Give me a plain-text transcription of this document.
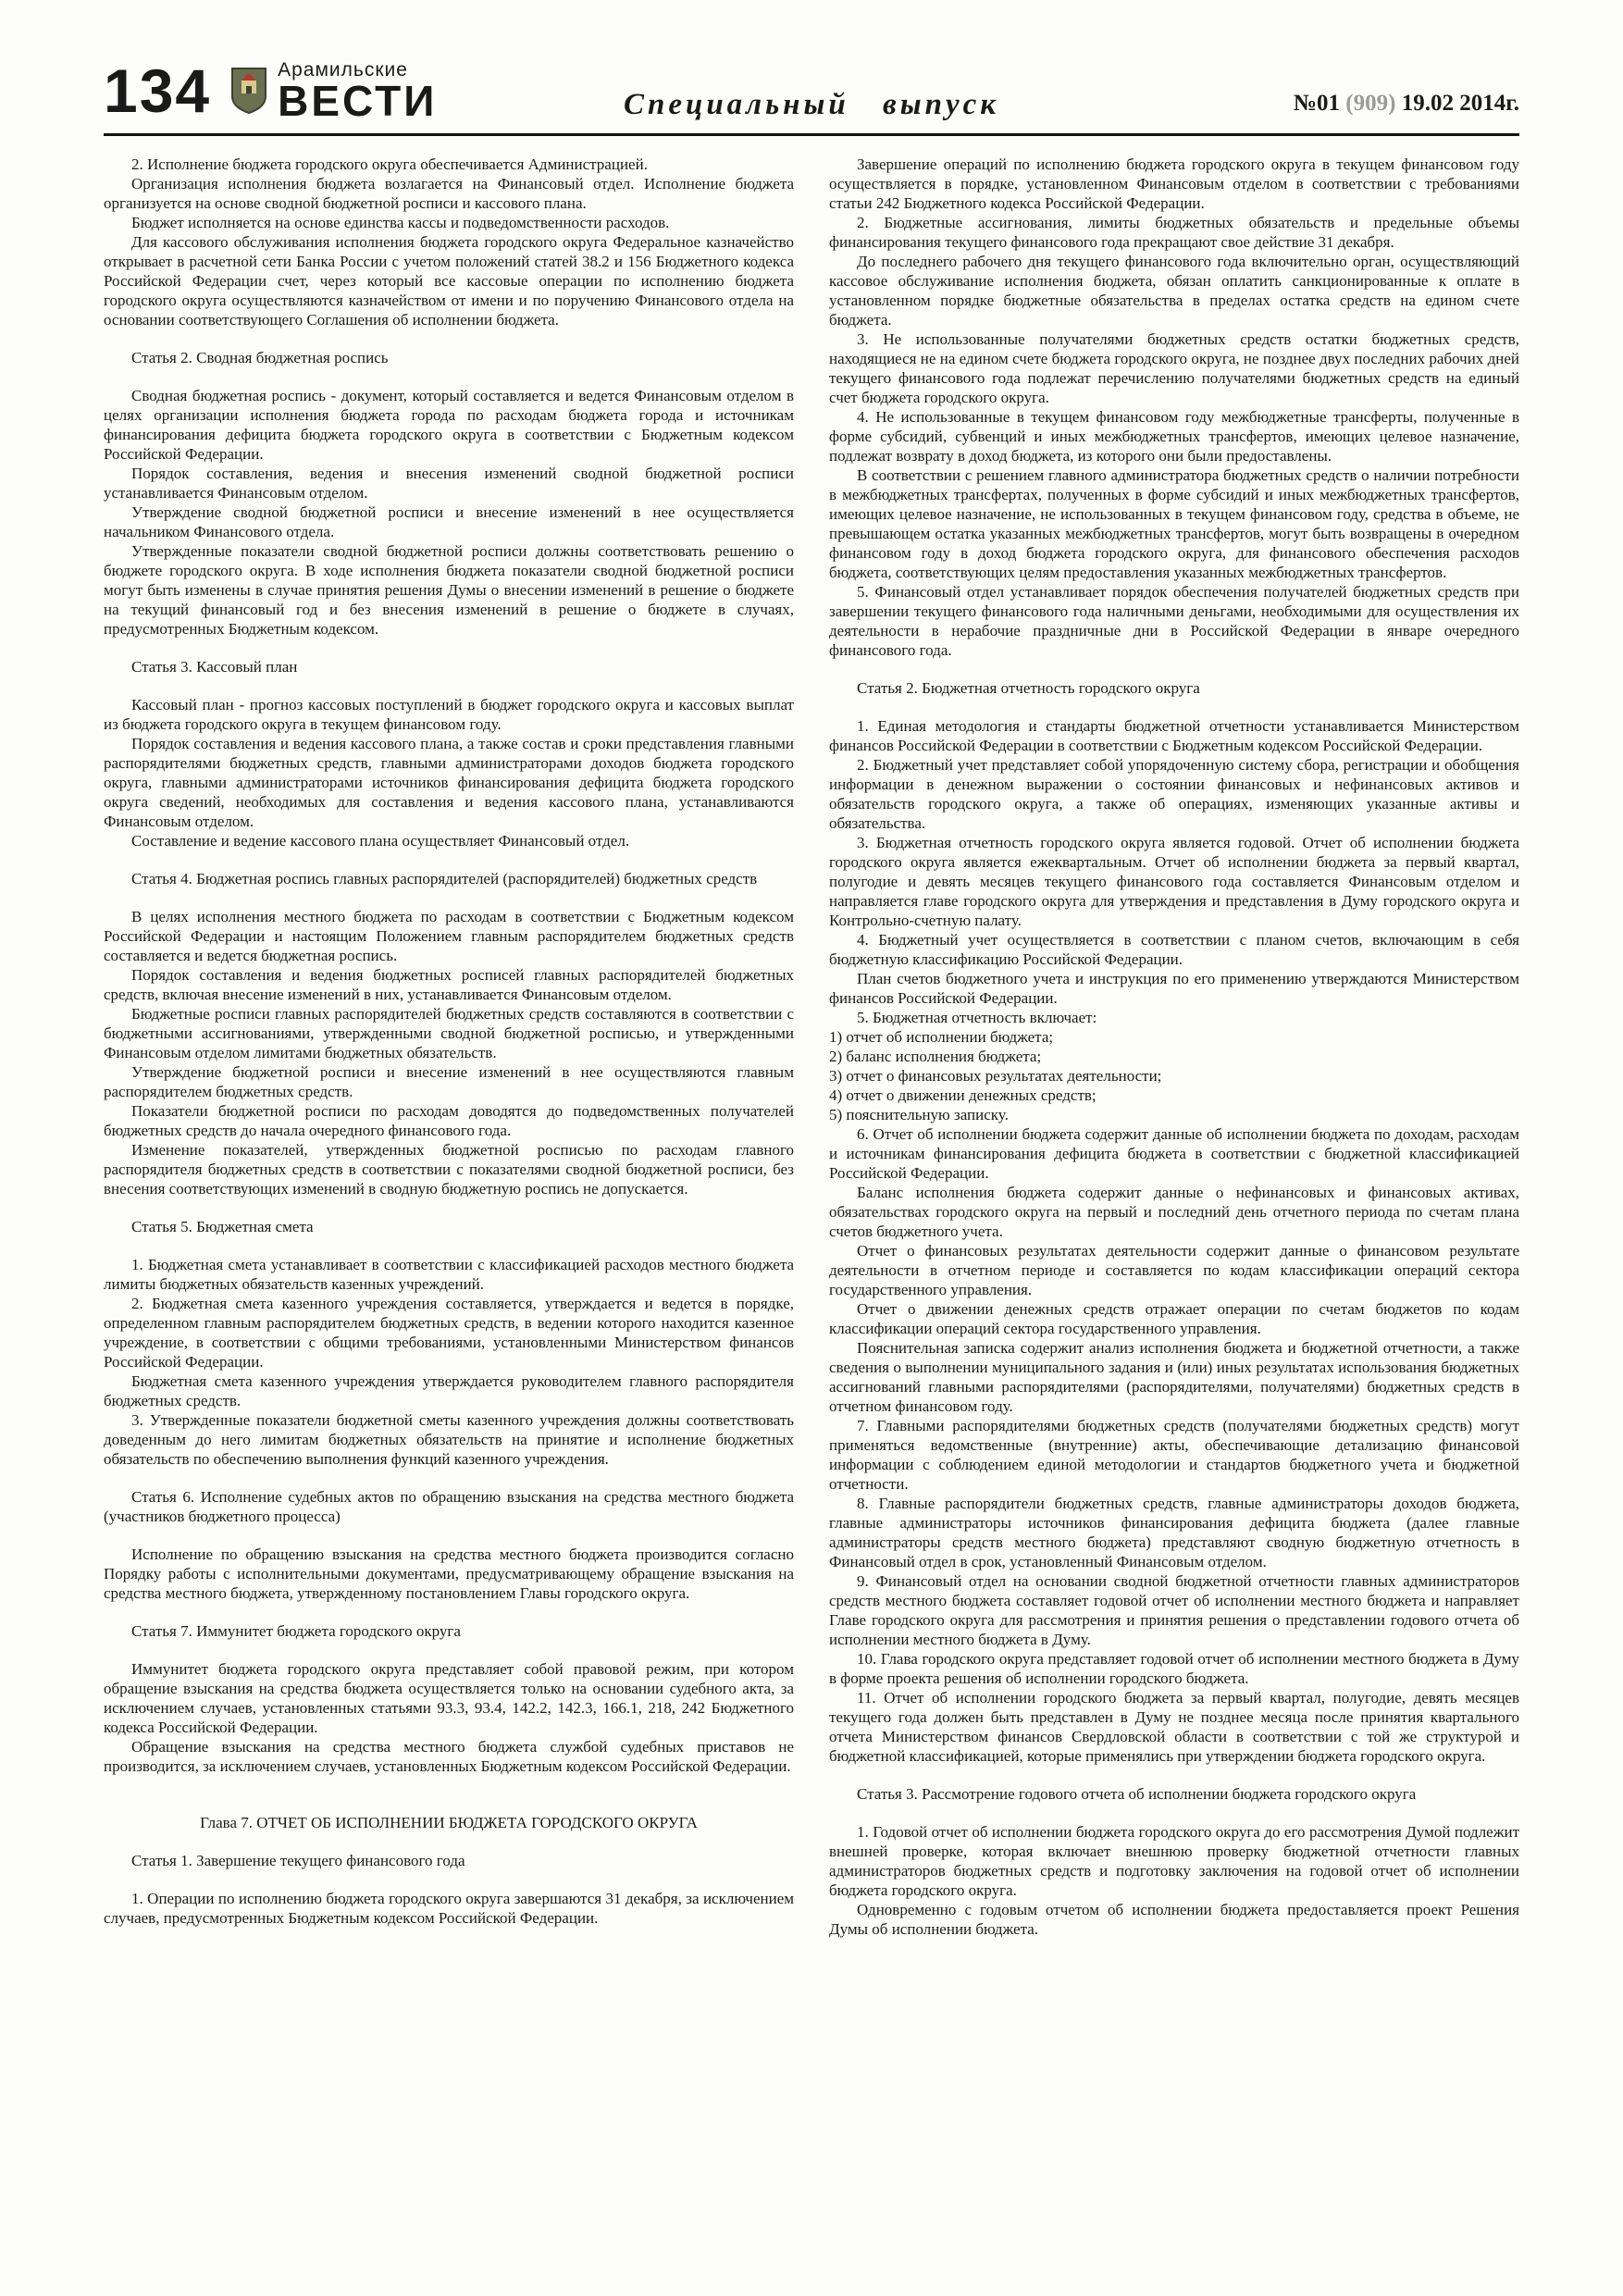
134	Арамильские
ВЕСТИ	Специальный выпуск	№01 (909) 19.02 2014г.

2. Исполнение бюджета городского округа обеспечивается Администрацией.

Организация исполнения бюджета возлагается на Финансовый отдел. Исполнение бюджета организуется на основе сводной бюджетной росписи и кассового плана.

Бюджет исполняется на основе единства кассы и подведомственности расходов.

Для кассового обслуживания исполнения бюджета городского округа Федеральное казначейство открывает в расчетной сети Банка России с учетом положений статей 38.2 и 156 Бюджетного кодекса Российской Федерации счет, через который все кассовые операции по исполнению бюджета городского округа осуществляются казначейством от имени и по поручению Финансового отдела на основании соответствующего Соглашения об исполнении бюджета.

Статья 2. Сводная бюджетная роспись

Сводная бюджетная роспись - документ, который составляется и ведется Финансовым отделом в целях организации исполнения бюджета города по расходам бюджета города и источникам финансирования дефицита бюджета городского округа в соответствии с Бюджетным кодексом Российской Федерации.

Порядок составления, ведения и внесения изменений сводной бюджетной росписи устанавливается Финансовым отделом.

Утверждение сводной бюджетной росписи и внесение изменений в нее осуществляется начальником Финансового отдела.

Утвержденные показатели сводной бюджетной росписи должны соответствовать решению о бюджете городского округа. В ходе исполнения бюджета показатели сводной бюджетной росписи могут быть изменены в случае принятия решения Думы о внесении изменений в решение о бюджете на текущий финансовый год и без внесения изменений в решение о бюджете в случаях, предусмотренных Бюджетным кодексом.

Статья 3. Кассовый план

Кассовый план - прогноз кассовых поступлений в бюджет городского округа и кассовых выплат из бюджета городского округа в текущем финансовом году.

Порядок составления и ведения кассового плана, а также состав и сроки представления главными распорядителями бюджетных средств, главными администраторами доходов бюджета городского округа, главными администраторами источников финансирования дефицита бюджета городского округа сведений, необходимых для составления и ведения кассового плана, устанавливаются Финансовым отделом.

Составление и ведение кассового плана осуществляет Финансовый отдел.

Статья 4. Бюджетная роспись главных распорядителей (распорядителей) бюджетных средств

В целях исполнения местного бюджета по расходам в соответствии с Бюджетным кодексом Российской Федерации и настоящим Положением главным распорядителем бюджетных средств составляется и ведется бюджетная роспись.

Порядок составления и ведения бюджетных росписей главных распорядителей бюджетных средств, включая внесение изменений в них, устанавливается Финансовым отделом.

Бюджетные росписи главных распорядителей бюджетных средств составляются в соответствии с бюджетными ассигнованиями, утвержденными сводной бюджетной росписью, и утвержденными Финансовым отделом лимитами бюджетных обязательств.

Утверждение бюджетной росписи и внесение изменений в нее осуществляются главным распорядителем бюджетных средств.

Показатели бюджетной росписи по расходам доводятся до подведомственных получателей бюджетных средств до начала очередного финансового года.

Изменение показателей, утвержденных бюджетной росписью по расходам главного распорядителя бюджетных средств в соответствии с показателями сводной бюджетной росписи, без внесения соответствующих изменений в сводную бюджетную роспись не допускается.

Статья 5. Бюджетная смета

1. Бюджетная смета устанавливает в соответствии с классификацией расходов местного бюджета лимиты бюджетных обязательств казенных учреждений.

2. Бюджетная смета казенного учреждения составляется, утверждается и ведется в порядке, определенном главным распорядителем бюджетных средств, в ведении которого находится казенное учреждение, в соответствии с общими требованиями, установленными Министерством финансов Российской Федерации.

Бюджетная смета казенного учреждения утверждается руководителем главного распорядителя бюджетных средств.

3. Утвержденные показатели бюджетной сметы казенного учреждения должны соответствовать доведенным до него лимитам бюджетных обязательств на принятие и исполнение бюджетных обязательств по обеспечению выполнения функций казенного учреждения.

Статья 6. Исполнение судебных актов по обращению взыскания на средства местного бюджета (участников бюджетного процесса)

Исполнение по обращению взыскания на средства местного бюджета производится согласно Порядку работы с исполнительными документами, предусматривающему обращение взыскания на средства местного бюджета, утвержденному постановлением Главы городского округа.

Статья 7. Иммунитет бюджета городского округа

Иммунитет бюджета городского округа представляет собой правовой режим, при котором обращение взыскания на средства бюджета осуществляется только на основании судебного акта, за исключением случаев, установленных статьями 93.3, 93.4, 142.2, 142.3, 166.1, 218, 242 Бюджетного кодекса Российской Федерации.

Обращение взыскания на средства местного бюджета службой судебных приставов не производится, за исключением случаев, установленных Бюджетным кодексом Российской Федерации.

Глава 7. ОТЧЕТ ОБ ИСПОЛНЕНИИ БЮДЖЕТА ГОРОДСКОГО ОКРУГА

Статья 1. Завершение текущего финансового года

1. Операции по исполнению бюджета городского округа завершаются 31 декабря, за исключением случаев, предусмотренных Бюджетным кодексом Российской Федерации.

Завершение операций по исполнению бюджета городского округа в текущем финансовом году осуществляется в порядке, установленном Финансовым отделом в соответствии с требованиями статьи 242 Бюджетного кодекса Российской Федерации.

2. Бюджетные ассигнования, лимиты бюджетных обязательств и предельные объемы финансирования текущего финансового года прекращают свое действие 31 декабря.

До последнего рабочего дня текущего финансового года включительно орган, осуществляющий кассовое обслуживание исполнения бюджета, обязан оплатить санкционированные к оплате в установленном порядке бюджетные обязательства в пределах остатка средств на едином счете бюджета.

3. Не использованные получателями бюджетных средств остатки бюджетных средств, находящиеся не на едином счете бюджета городского округа, не позднее двух последних рабочих дней текущего финансового года подлежат перечислению получателями бюджетных средств на единый счет бюджета городского округа.

4. Не использованные в текущем финансовом году межбюджетные трансферты, полученные в форме субсидий, субвенций и иных межбюджетных трансфертов, имеющих целевое назначение, подлежат возврату в доход бюджета, из которого они были предоставлены.

В соответствии с решением главного администратора бюджетных средств о наличии потребности в межбюджетных трансфертах, полученных в форме субсидий и иных межбюджетных трансфертов, имеющих целевое назначение, не использованных в текущем финансовом году, средства в объеме, не превышающем остатка указанных межбюджетных трансфертов, могут быть возвращены в очередном финансовом году в доход бюджета городского округа, для финансового обеспечения расходов бюджета, соответствующих целям предоставления указанных межбюджетных трансфертов.

5. Финансовый отдел устанавливает порядок обеспечения получателей бюджетных средств при завершении текущего финансового года наличными деньгами, необходимыми для осуществления их деятельности в нерабочие праздничные дни в Российской Федерации в январе очередного финансового года.

Статья 2. Бюджетная отчетность городского округа

1. Единая методология и стандарты бюджетной отчетности устанавливается Министерством финансов Российской Федерации в соответствии с Бюджетным кодексом Российской Федерации.

2. Бюджетный учет представляет собой упорядоченную систему сбора, регистрации и обобщения информации в денежном выражении о состоянии финансовых и нефинансовых активов и обязательств городского округа, а также об операциях, изменяющих указанные активы и обязательства.

3. Бюджетная отчетность городского округа является годовой. Отчет об исполнении бюджета городского округа является ежеквартальным. Отчет об исполнении бюджета за первый квартал, полугодие и девять месяцев текущего финансового года составляется Финансовым отделом и направляется главе городского округа для утверждения и представления в Думу городского округа и Контрольно-счетную палату.

4. Бюджетный учет осуществляется в соответствии с планом счетов, включающим в себя бюджетную классификацию Российской Федерации.

План счетов бюджетного учета и инструкция по его применению утверждаются Министерством финансов Российской Федерации.

5. Бюджетная отчетность включает:

1) отчет об исполнении бюджета;

2) баланс исполнения бюджета;

3) отчет о финансовых результатах деятельности;

4) отчет о движении денежных средств;

5) пояснительную записку.

6. Отчет об исполнении бюджета содержит данные об исполнении бюджета по доходам, расходам и источникам финансирования дефицита бюджета в соответствии с бюджетной классификацией Российской Федерации.

Баланс исполнения бюджета содержит данные о нефинансовых и финансовых активах, обязательствах городского округа на первый и последний день отчетного периода по счетам плана счетов бюджетного учета.

Отчет о финансовых результатах деятельности содержит данные о финансовом результате деятельности в отчетном периоде и составляется по кодам классификации операций сектора государственного управления.

Отчет о движении денежных средств отражает операции по счетам бюджетов по кодам классификации операций сектора государственного управления.

Пояснительная записка содержит анализ исполнения бюджета и бюджетной отчетности, а также сведения о выполнении муниципального задания и (или) иных результатах использования бюджетных ассигнований главными распорядителями (распорядителями, получателями) бюджетных средств в отчетном финансовом году.

7. Главными распорядителями бюджетных средств (получателями бюджетных средств) могут применяться ведомственные (внутренние) акты, обеспечивающие детализацию финансовой информации с соблюдением единой методологии и стандартов бюджетного учета и бюджетной отчетности.

8. Главные распорядители бюджетных средств, главные администраторы доходов бюджета, главные администраторы источников финансирования дефицита бюджета (далее главные администраторы средств местного бюджета) представляют сводную бюджетную отчетность в Финансовый отдел в срок, установленный Финансовым отделом.

9. Финансовый отдел на основании сводной бюджетной отчетности главных администраторов средств местного бюджета составляет годовой отчет об исполнении местного бюджета и направляет Главе городского округа для рассмотрения и принятия решения о представлении годового отчета об исполнении местного бюджета в Думу.

10. Глава городского округа представляет годовой отчет об исполнении местного бюджета в Думу в форме проекта решения об исполнении городского бюджета.

11. Отчет об исполнении городского бюджета за первый квартал, полугодие, девять месяцев текущего года должен быть представлен в Думу не позднее месяца после принятия квартального отчета Министерством финансов Свердловской области в соответствии с той же структурой и бюджетной классификацией, которые применялись при утверждении бюджета городского округа.

Статья 3. Рассмотрение годового отчета об исполнении бюджета городского округа

1. Годовой отчет об исполнении бюджета городского округа до его рассмотрения Думой подлежит внешней проверке, которая включает внешнюю проверку бюджетной отчетности главных администраторов бюджетных средств и подготовку заключения на годовой отчет об исполнении бюджета городского округа.

Одновременно с годовым отчетом об исполнении бюджета предоставляется проект Решения Думы об исполнении бюджета.
